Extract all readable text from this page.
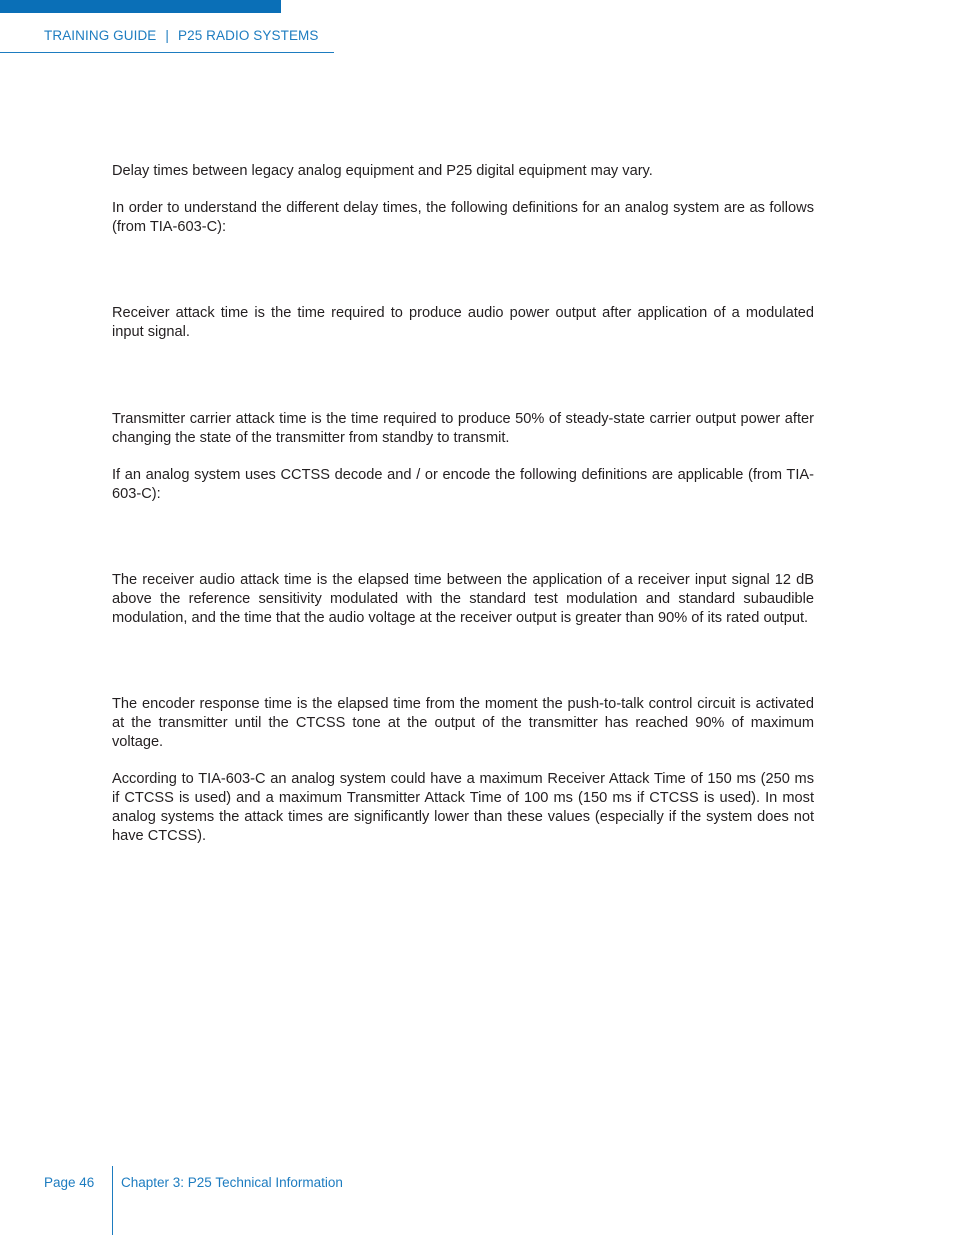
TRAINING GUIDE | P25 RADIO SYSTEMS

Delay times between legacy analog equipment and P25 digital equipment may vary.

In order to understand the different delay times, the following definitions for an analog system are as follows (from TIA-603-C):

Receiver attack time is the time required to produce audio power output after application of a modulated input signal.

Transmitter carrier attack time is the time required to produce 50% of steady-state carrier output power after changing the state of the transmitter from standby to transmit.

If an analog system uses CCTSS decode and / or encode the following definitions are applicable (from TIA-603-C):

The receiver audio attack time is the elapsed time between the application of a receiver input signal 12 dB above the reference sensitivity modulated with the standard test modulation and standard subaudible modulation, and the time that the audio voltage at the receiver output is greater than 90% of its rated output.

The encoder response time is the elapsed time from the moment the push-to-talk control circuit is activated at the transmitter until the CTCSS tone at the output of the transmitter has reached 90% of maximum voltage.

According to TIA-603-C an analog system could have a maximum Receiver Attack Time of 150 ms (250 ms if CTCSS is used) and a maximum Transmitter Attack Time of 100 ms (150 ms if CTCSS is used). In most analog systems the attack times are significantly lower than these values (especially if the system does not have CTCSS).

Page 46 Chapter 3: P25 Technical Information
